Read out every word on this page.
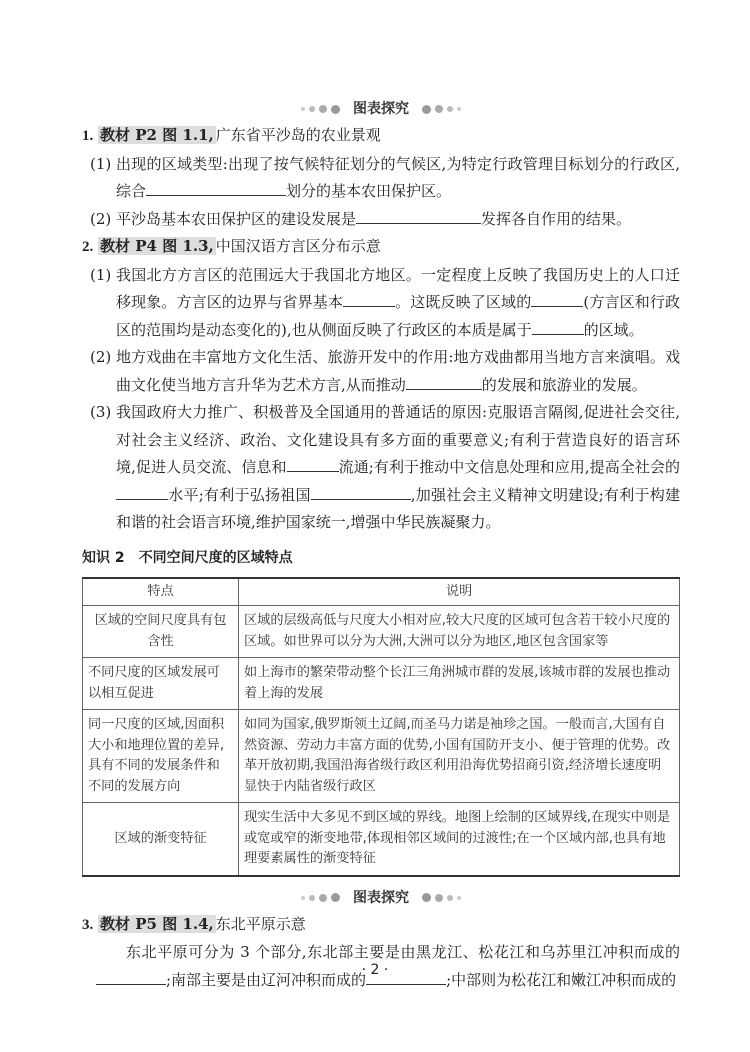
图表探究
1. 教材 P2 图 1.1, 广东省平沙岛的农业景观
(1) 出现的区域类型:出现了按气候特征划分的气候区,为特定行政管理目标划分的行政区,综合	划分的基本农田保护区。
(2) 平沙岛基本农田保护区的建设发展是	发挥各自作用的结果。
2. 教材 P4 图 1.3, 中国汉语方言区分布示意
(1) 我国北方方言区的范围远大于我国北方地区。一定程度上反映了我国历史上的人口迁移现象。方言区的边界与省界基本	。这既反映了区域的	(方言区和行政区的范围均是动态变化的),也从侧面反映了行政区的本质是属于	的区域。
(2) 地方戏曲在丰富地方文化生活、旅游开发中的作用:地方戏曲都用当地方言来演唱。戏曲文化使当地方言升华为艺术方言,从而推动	的发展和旅游业的发展。
(3) 我国政府大力推广、积极普及全国通用的普通话的原因:克服语言隔阂,促进社会交往,对社会主义经济、政治、文化建设具有多方面的重要意义;有利于营造良好的语言环境,促进人员交流、信息和	流通;有利于推动中文信息处理和应用,提高全社会的水平;有利于弘扬祖国	,加强社会主义精神文明建设;有利于构建和谐的社会语言环境,维护国家统一,增强中华民族凝聚力。
知识 2　不同空间尺度的区域特点
特点	说明
区域的空间尺度具有包含性	区域的层级高低与尺度大小相对应,较大尺度的区域可包含若干较小尺度的区域。如世界可以分为大洲,大洲可以分为地区,地区包含国家等
不同尺度的区域发展可以相互促进	如上海市的繁荣带动整个长江三角洲城市群的发展,该城市群的发展也推动着上海的发展
同一尺度的区域,因面积大小和地理位置的差异,具有不同的发展条件和不同的发展方向	如同为国家,俄罗斯领土辽阔,而圣马力诺是袖珍之国。一般而言,大国有自然资源、劳动力丰富方面的优势,小国有国防开支小、便于管理的优势。改革开放初期,我国沿海省级行政区利用沿海优势招商引资,经济增长速度明显快于内陆省级行政区
区域的渐变特征	现实生活中大多见不到区域的界线。地图上绘制的区域界线,在现实中则是或宽或窄的渐变地带,体现相邻区域间的过渡性;在一个区域内部,也具有地理要素属性的渐变特征
图表探究
3. 教材 P5 图 1.4, 东北平原示意
东北平原可分为 3 个部分,东北部主要是由黑龙江、松花江和乌苏里江冲积而成的;南部主要是由辽河冲积而成的	;中部则为松花江和嫩江冲积而成的
· 2 ·
